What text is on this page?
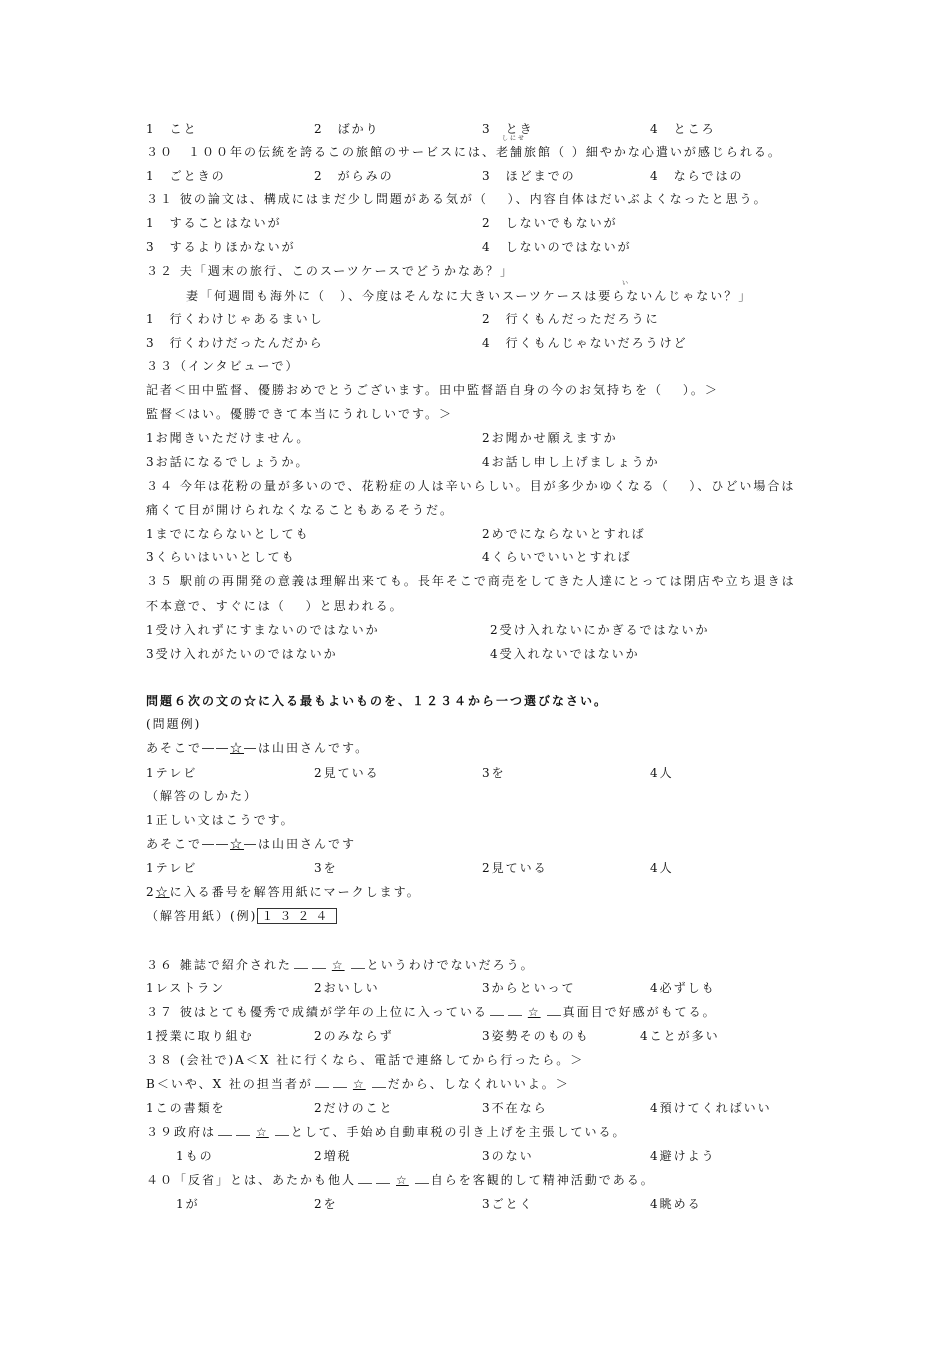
1　こと	2　ばかり	3　とき	4　ところ
しにせ
３０　１００年の伝統を誇るこの旅館のサービスには、老舗旅館（ ）細やかな心遣いが感じられる。
1　ごときの	2　がらみの	3　ほどまでの	4　ならではの
３１ 彼の論文は、構成にはまだ少し問題がある気が（　 ）、内容自体はだいぶよくなったと思う。
1　することはないが	2　しないでもないが
3　するよりほかないが	4　しないのではないが
３２ 夫「週末の旅行、このスーツケースでどうかなあ？」
い
妻「何週間も海外に（　）、今度はそんなに大きいスーツケースは要らないんじゃない？」
1　行くわけじゃあるまいし	2　行くもんだっただろうに
3　行くわけだったんだから	4　行くもんじゃないだろうけど
３３（インタビューで）
記者＜田中監督、優勝おめでとうございます。田中監督語自身の今のお気持ちを（　 ）。＞
監督＜はい。優勝できて本当にうれしいです。＞
1お聞きいただけません。	2お聞かせ願えますか
3お話になるでしょうか。	4お話し申し上げましょうか
３４ 今年は花粉の量が多いので、花粉症の人は辛いらしい。目が多少かゆくなる（　 ）、ひどい場合は
痛くて目が開けられなくなることもあるそうだ。
1までにならないとしても	2めでにならないとすれば
3くらいはいいとしても	4くらいでいいとすれば
３５ 駅前の再開発の意義は理解出来ても。長年そこで商売をしてきた人達にとっては閉店や立ち退きは
不本意で、すぐには（　 ）と思われる。
1受け入れずにすまないのではないか	2受け入れないにかぎるではないか
3受け入れがたいのではないか	4受入れないではないか
問題６次の文の☆に入る最もよいものを、１２３４から一つ選びなさい。
(問題例)
あそこで――☆―は山田さんです。
1テレビ	2見ている	3を	4人
（解答のしかた）
1正しい文はこうです。
あそこで――☆―は山田さんです
1テレビ	3を	2見ている	4人
2☆に入る番号を解答用紙にマークします。
（解答用紙）(例) １３２４
３６ 雑誌で紹介された	☆ というわけでないだろう。
1レストラン	2おいしい	3からといって	4必ずしも
３７ 彼はとても優秀で成績が学年の上位に入っている	☆ 真面目で好感がもてる。
1授業に取り組む	2のみならず	3姿勢そのものも	4ことが多い
３８ (会社で)A＜X 社に行くなら、電話で連絡してから行ったら。＞
B＜いや、X 社の担当者が	☆ だから、しなくれいいよ。＞
1この書類を	2だけのこと	3不在なら	4預けてくればいい
３９政府は	☆ として、手始め自動車税の引き上げを主張している。
1もの	2増税	3のない	4避けよう
４０「反省」とは、あたかも他人	☆ 自らを客観的して精神活動である。
1が	2を	3ごとく	4眺める
